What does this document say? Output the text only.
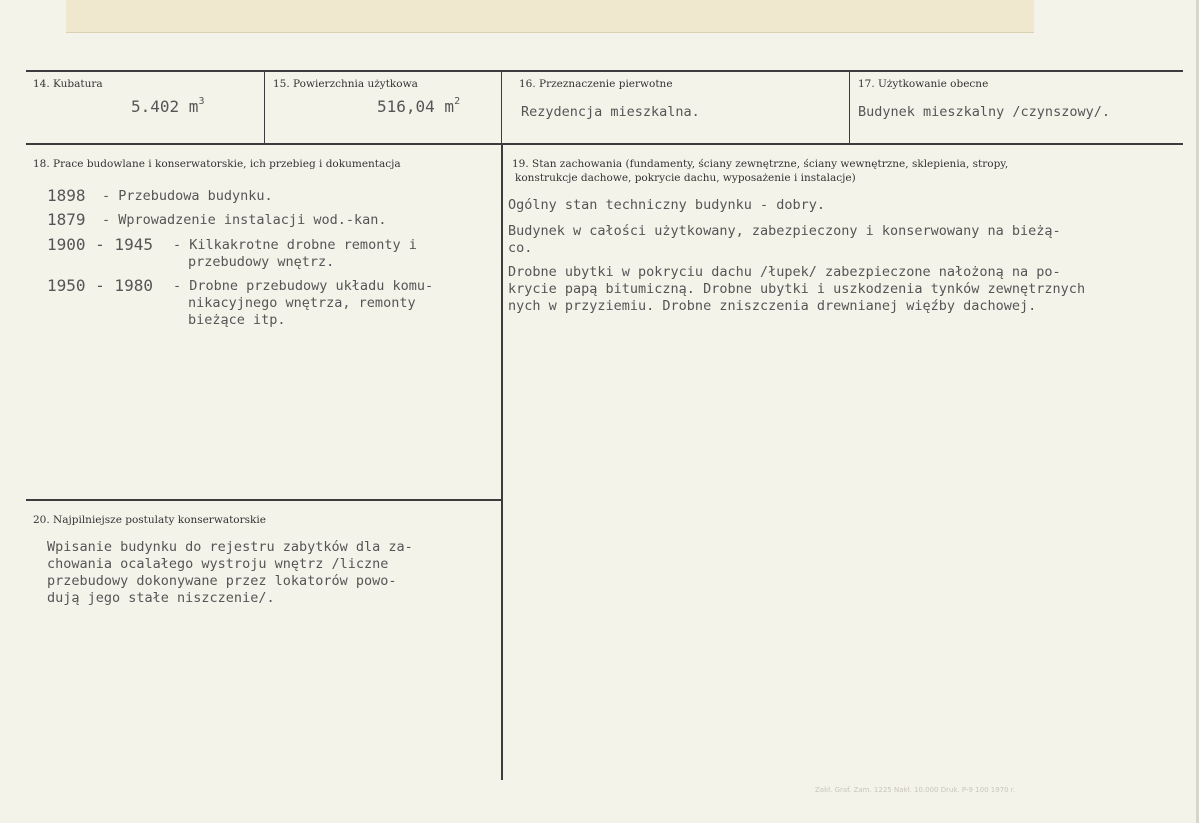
14. Kubatura
5.402 $m^3$
15. Powierzchnia użytkowa
516,04 $m^2$
16. Przeznaczenie pierwotne
Rezydencja mieszkalna.
17. Użytkowanie obecne
Budynek mieszkalny /czynszowy/.
18. Prace budowlane i konserwatorskie, ich przebieg i dokumentacja
1898 - Przebudowa budynku.
1879 - Wprowadzenie instalacji wod.-kan.
1900 - 1945 - Kilkakrotne drobne remonty i
przebudowy wnętrz.
1950 - 1980 - Drobne przebudowy układu komu-
nikacyjnego wnętrza, remonty
bieżące itp.
19. Stan zachowania (fundamenty, ściany zewnętrzne, ściany wewnętrzne, sklepienia, stropy,
konstrukcje dachowe, pokrycie dachu, wyposażenie i instalacje)
Ogólny stan techniczny budynku - dobry.
Budynek w całości użytkowany, zabezpieczony i konserwowany na bieżą-
co.
Drobne ubytki w pokryciu dachu /łupek/ zabezpieczone nałożoną na po-
krycie papą bitumiczną. Drobne ubytki i uszkodzenia tynków zewnętrznych
nych w przyziemiu. Drobne zniszczenia drewnianej więźby dachowej.
20. Najpilniejsze postulaty konserwatorskie
Wpisanie budynku do rejestru zabytków dla za-
chowania ocalałego wystroju wnętrz /liczne
przebudowy dokonywane przez lokatorów powo-
dują jego stałe niszczenie/.
Zakł. Graf. Zam. 1225 Nakł. 10.000 Druk. P-9 100 1970 r.
